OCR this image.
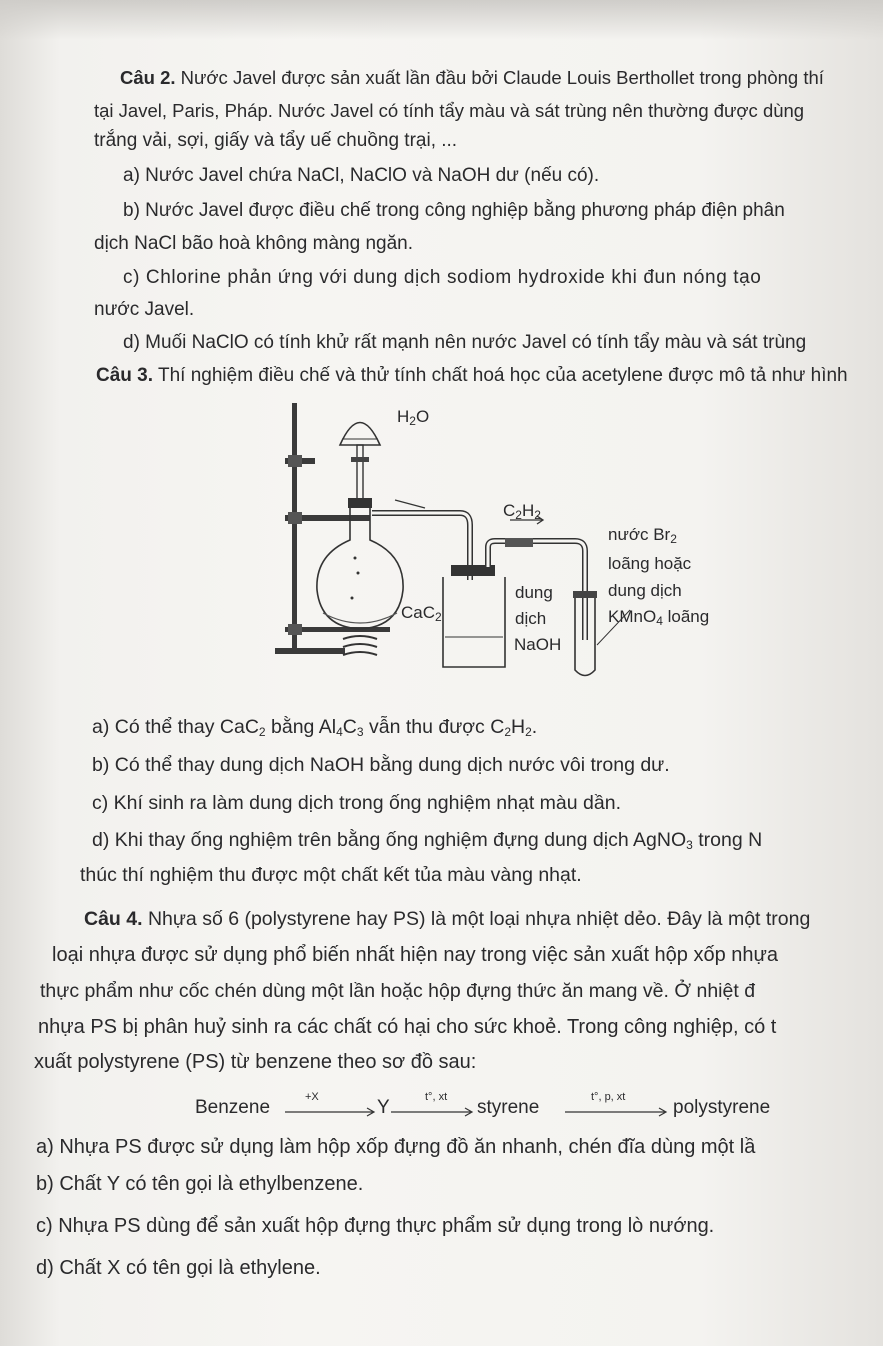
Câu 2. Nước Javel được sản xuất lần đầu bởi Claude Louis Berthollet trong phòng thí
tại Javel, Paris, Pháp. Nước Javel có tính tẩy màu và sát trùng nên thường được dùng
trắng vải, sợi, giấy và tẩy uế chuồng trại, ...
a) Nước Javel chứa NaCl, NaClO và NaOH dư (nếu có).
b) Nước Javel được điều chế trong công nghiệp bằng phương pháp điện phân
dịch NaCl bão hoà không màng ngăn.
c) Chlorine phản ứng với dung dịch sodiom hydroxide khi đun nóng tạo
nước Javel.
d) Muối NaClO có tính khử rất mạnh nên nước Javel có tính tẩy màu và sát trùng
Câu 3. Thí nghiệm điều chế và thử tính chất hoá học của acetylene được mô tả như hình
$H_2O$
$C_2H_2$
CaC$_2$
dung
dịch
NaOH
nước $Br_2$
loãng hoặc
dung dịch
KMnO$_4$ loãng
a) Có thể thay CaC$_2$ bằng $Al_4C_3$ vẫn thu được $C_2H_2$.
b) Có thể thay dung dịch NaOH bằng dung dịch nước vôi trong dư.
c) Khí sinh ra làm dung dịch trong ống nghiệm nhạt màu dần.
d) Khi thay ống nghiệm trên bằng ống nghiệm đựng dung dịch AgNO$_3$ trong N
thúc thí nghiệm thu được một chất kết tủa màu vàng nhạt.
Câu 4. Nhựa số 6 (polystyrene hay PS) là một loại nhựa nhiệt dẻo. Đây là một trong
loại nhựa được sử dụng phổ biến nhất hiện nay trong việc sản xuất hộp xốp nhựa
thực phẩm như cốc chén dùng một lần hoặc hộp đựng thức ăn mang về. Ở nhiệt đ
nhựa PS bị phân huỷ sinh ra các chất có hại cho sức khoẻ. Trong công nghiệp, có t
xuất polystyrene (PS) từ benzene theo sơ đồ sau:
Benzene	+X	Y	t°, xt styrene	t°, p, xt	polystyrene
a) Nhựa PS được sử dụng làm hộp xốp đựng đồ ăn nhanh, chén đĩa dùng một lầ
b) Chất Y có tên gọi là ethylbenzene.
c) Nhựa PS dùng để sản xuất hộp đựng thực phẩm sử dụng trong lò nướng.
d) Chất X có tên gọi là ethylene.
